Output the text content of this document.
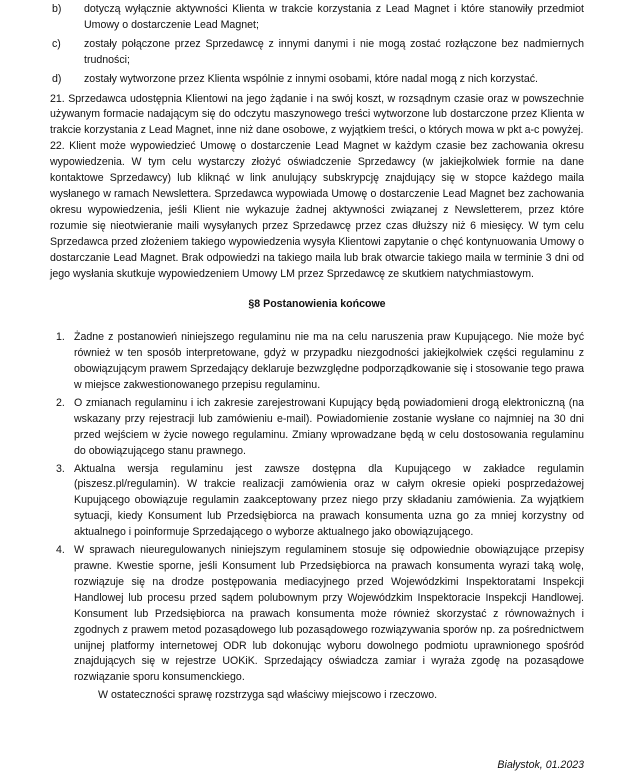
b) dotyczą wyłącznie aktywności Klienta w trakcie korzystania z Lead Magnet i które stanowiły przedmiot Umowy o dostarczenie Lead Magnet;
c) zostały połączone przez Sprzedawcę z innymi danymi i nie mogą zostać rozłączone bez nadmiernych trudności;
d) zostały wytworzone przez Klienta wspólnie z innymi osobami, które nadal mogą z nich korzystać.

21. Sprzedawca udostępnia Klientowi na jego żądanie i na swój koszt, w rozsądnym czasie oraz w powszechnie używanym formacie nadającym się do odczytu maszynowego treści wytworzone lub dostarczone przez Klienta w trakcie korzystania z Lead Magnet, inne niż dane osobowe, z wyjątkiem treści, o których mowa w pkt a-c powyżej.

22. Klient może wypowiedzieć Umowę o dostarczenie Lead Magnet w każdym czasie bez zachowania okresu wypowiedzenia. W tym celu wystarczy złożyć oświadczenie Sprzedawcy (w jakiejkolwiek formie na dane kontaktowe Sprzedawcy) lub kliknąć w link anulujący subskrypcję znajdujący się w stopce każdego maila wysłanego w ramach Newslettera. Sprzedawca wypowiada Umowę o dostarczenie Lead Magnet bez zachowania okresu wypowiedzenia, jeśli Klient nie wykazuje żadnej aktywności związanej z Newsletterem, przez które rozumie się nieotwieranie maili wysyłanych przez Sprzedawcę przez czas dłuższy niż 6 miesięcy. W tym celu Sprzedawca przed złożeniem takiego wypowiedzenia wysyła Klientowi zapytanie o chęć kontynuowania Umowy o dostarczanie Lead Magnet. Brak odpowiedzi na takiego maila lub brak otwarcie takiego maila w terminie 3 dni od jego wysłania skutkuje wypowiedzeniem Umowy LM przez Sprzedawcę ze skutkiem natychmiastowym.

§8 Postanowienia końcowe
1. Żadne z postanowień niniejszego regulaminu nie ma na celu naruszenia praw Kupującego. Nie może być również w ten sposób interpretowane, gdyż w przypadku niezgodności jakiejkolwiek części regulaminu z obowiązującym prawem Sprzedający deklaruje bezwzględne podporządkowanie się i stosowanie tego prawa w miejsce zakwestionowanego przepisu regulaminu.
2. O zmianach regulaminu i ich zakresie zarejestrowani Kupujący będą powiadomieni drogą elektroniczną (na wskazany przy rejestracji lub zamówieniu e-mail). Powiadomienie zostanie wysłane co najmniej na 30 dni przed wejściem w życie nowego regulaminu. Zmiany wprowadzane będą w celu dostosowania regulaminu do obowiązującego stanu prawnego.
3. Aktualna wersja regulaminu jest zawsze dostępna dla Kupującego w zakładce regulamin (piszesz.pl/regulamin). W trakcie realizacji zamówienia oraz w całym okresie opieki posprzedażowej Kupującego obowiązuje regulamin zaakceptowany przez niego przy składaniu zamówienia. Za wyjątkiem sytuacji, kiedy Konsument lub Przedsiębiorca na prawach konsumenta uzna go za mniej korzystny od aktualnego i poinformuje Sprzedającego o wyborze aktualnego jako obowiązującego.
4. W sprawach nieuregulowanych niniejszym regulaminem stosuje się odpowiednie obowiązujące przepisy prawne. Kwestie sporne, jeśli Konsument lub Przedsiębiorca na prawach konsumenta wyrazi taką wolę, rozwiązuje się na drodze postępowania mediacyjnego przed Wojewódzkimi Inspektoratami Inspekcji Handlowej lub procesu przed sądem polubownym przy Wojewódzkim Inspektoracie Inspekcji Handlowej. Konsument lub Przedsiębiorca na prawach konsumenta może również skorzystać z równoważnych i zgodnych z prawem metod pozasądowego lub pozasądowego rozwiązywania sporów np. za pośrednictwem unijnej platformy internetowej ODR lub dokonując wyboru dowolnego podmiotu uprawnionego spośród znajdujących się w rejestrze UOKiK. Sprzedający oświadcza zamiar i wyraża zgodę na pozasądowe rozwiązanie sporu konsumenckiego.

W ostateczności sprawę rozstrzyga sąd właściwy miejscowo i rzeczowo.

Białystok, 01.2023
